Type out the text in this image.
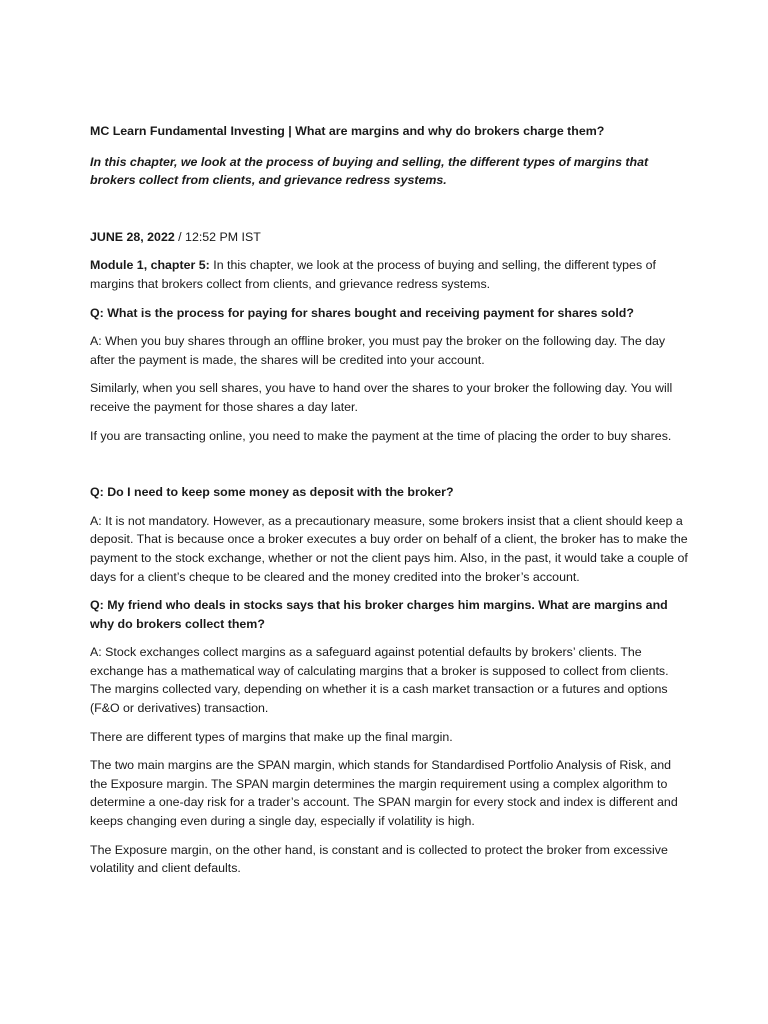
MC Learn Fundamental Investing | What are margins and why do brokers charge them?

In this chapter, we look at the process of buying and selling, the different types of margins that brokers collect from clients, and grievance redress systems.

JUNE 28, 2022 / 12:52 PM IST

Module 1, chapter 5: In this chapter, we look at the process of buying and selling, the different types of margins that brokers collect from clients, and grievance redress systems.

Q: What is the process for paying for shares bought and receiving payment for shares sold?

A: When you buy shares through an offline broker, you must pay the broker on the following day. The day after the payment is made, the shares will be credited into your account.

Similarly, when you sell shares, you have to hand over the shares to your broker the following day. You will receive the payment for those shares a day later.

If you are transacting online, you need to make the payment at the time of placing the order to buy shares.

Q: Do I need to keep some money as deposit with the broker?

A: It is not mandatory. However, as a precautionary measure, some brokers insist that a client should keep a deposit. That is because once a broker executes a buy order on behalf of a client, the broker has to make the payment to the stock exchange, whether or not the client pays him. Also, in the past, it would take a couple of days for a client’s cheque to be cleared and the money credited into the broker’s account.

Q: My friend who deals in stocks says that his broker charges him margins. What are margins and why do brokers collect them?

A: Stock exchanges collect margins as a safeguard against potential defaults by brokers’ clients. The exchange has a mathematical way of calculating margins that a broker is supposed to collect from clients. The margins collected vary, depending on whether it is a cash market transaction or a futures and options (F&O or derivatives) transaction.

There are different types of margins that make up the final margin.

The two main margins are the SPAN margin, which stands for Standardised Portfolio Analysis of Risk, and the Exposure margin. The SPAN margin determines the margin requirement using a complex algorithm to determine a one-day risk for a trader’s account. The SPAN margin for every stock and index is different and keeps changing even during a single day, especially if volatility is high.

The Exposure margin, on the other hand, is constant and is collected to protect the broker from excessive volatility and client defaults.
